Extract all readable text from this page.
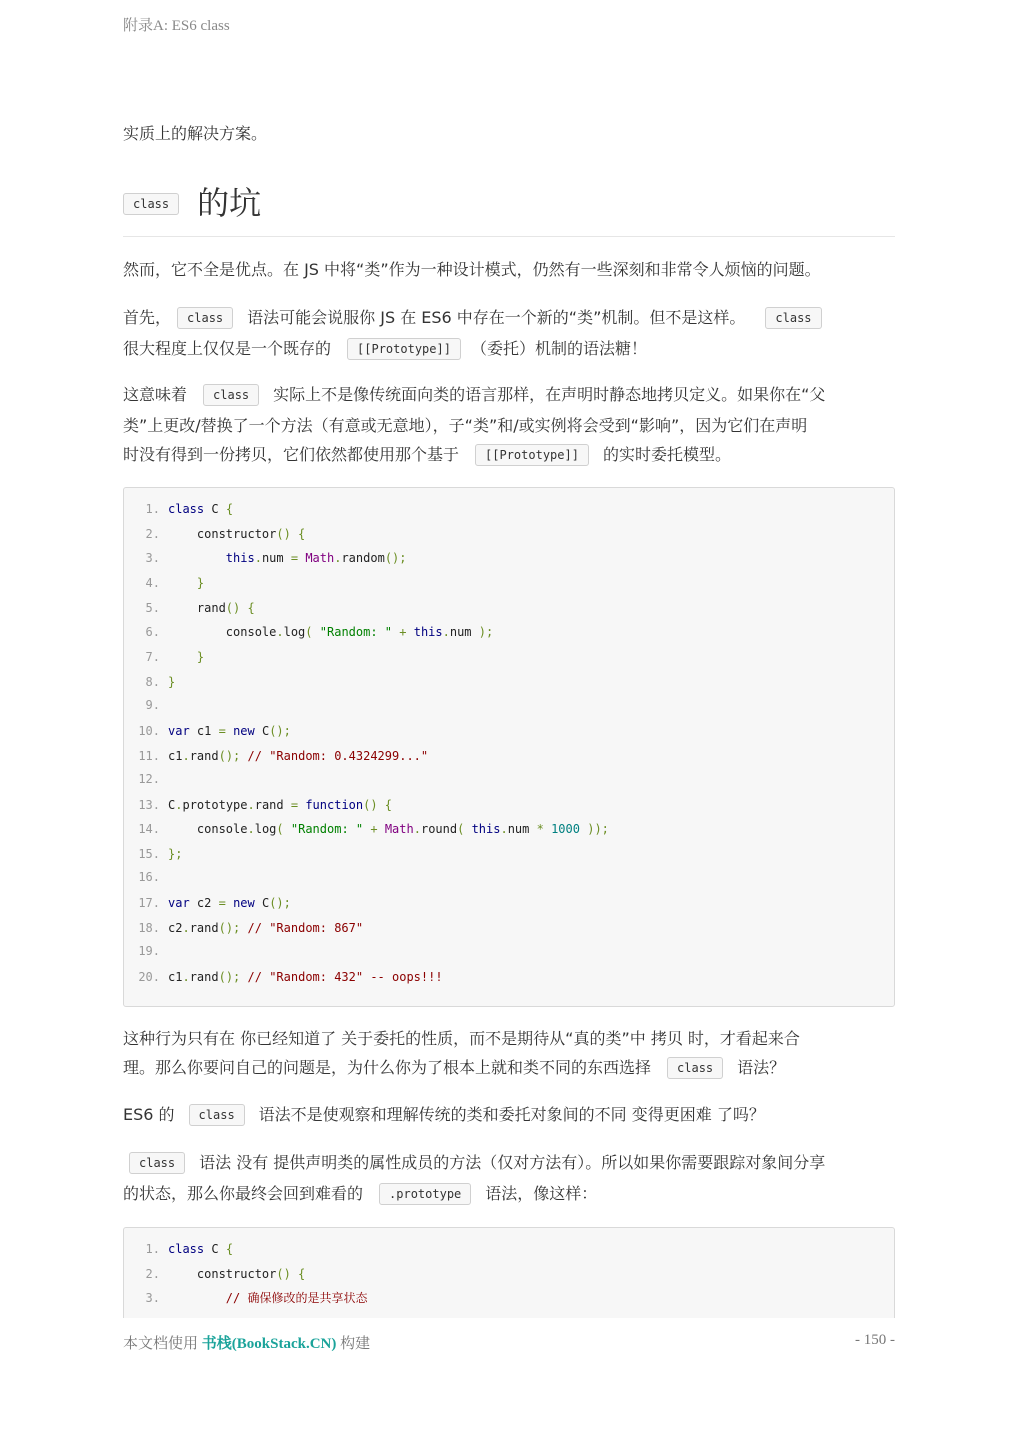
附录A: ES6 class

实质上的解决方案。

$^{class}$ 的坑

然而，它不全是优点。在 JS 中将“类”作为一种设计模式，仍然有一些深刻和非常令人烦恼的问题。

首先， class 语法可能会说服你 JS 在 ES6 中存在一个新的“类”机制。但不是这样。	class
很大程度上仅仅是一个既存的 [[Prototype]] （委托）机制的语法糖！

这意味着 class 实际上不是像传统面向类的语言那样，在声明时静态地拷贝定义。如果你在“父
类”上更改/替换了一个方法（有意或无意地），子“类”和/或实例将会受到“影响”，因为它们在声明
时没有得到一份拷贝，它们依然都使用那个基于 [[Prototype]] 的实时委托模型。

1. class C {
2.    constructor() {
3.	this.num = Math.random();
4.	}
5.    rand() {
6.        console.log( "Random: " + this.num );
7.	}
8. }
9.
10. var c1 = new C();
11. c1.rand(); // "Random: 0.4324299..."
12.
13. C.prototype.rand = function() {
14.    console.log( "Random: " + Math.round( this.num * 1000 ));
15. };
16.
17. var c2 = new C();
18. c2.rand(); // "Random: 867"
19.
20. c1.rand(); // "Random: 432" -- oops!!!

这种行为只有在 你已经知道了 关于委托的性质，而不是期待从“真的类”中 拷贝 时，才看起来合
理。那么你要问自己的问题是，为什么你为了根本上就和类不同的东西选择 class 语法？

ES6 的 class 语法不是使观察和理解传统的类和委托对象间的不同 变得更困难 了吗？

class 语法 没有 提供声明类的属性成员的方法（仅对方法有）。所以如果你需要跟踪对象间分享
的状态，那么你最终会回到难看的 .prototype 语法，像这样：

1. class C {
2.    constructor() {
3.	// 确保修改的是共享状态
本文档使用 书栈(BookStack.CN) 构建	- 150 -
